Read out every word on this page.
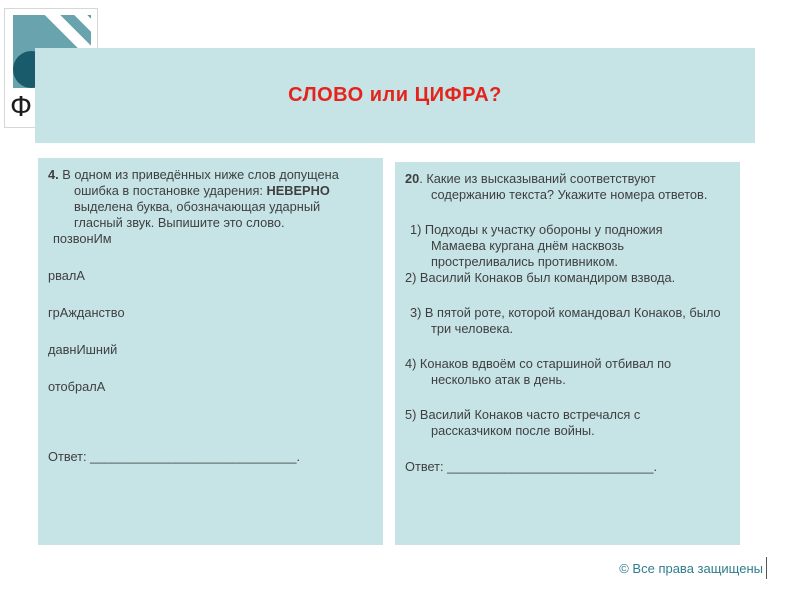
Ф	СЛОВО или ЦИФРА?
4. В одном из приведённых ниже слов допущена
ошибка в постановке ударения: НЕВЕРНО
выделена буква, обозначающая ударный
гласный звук. Выпишите это слово.
позвонИм
рвалА
грАжданство
давнИшний
отобралА
Ответ: _____________________________.
20. Какие из высказываний соответствуют
содержанию текста? Укажите номера ответов.
1) Подходы к участку обороны у подножия
Мамаева кургана днём насквозь
простреливались противником.
2) Василий Конаков был командиром взвода.
3) В пятой роте, которой командовал Конаков, было
три человека.
4) Конаков вдвоём со старшиной отбивал по
несколько атак в день.
5) Василий Конаков часто встречался с
рассказчиком после войны.
Ответ: _____________________________.
© Все права защищены
